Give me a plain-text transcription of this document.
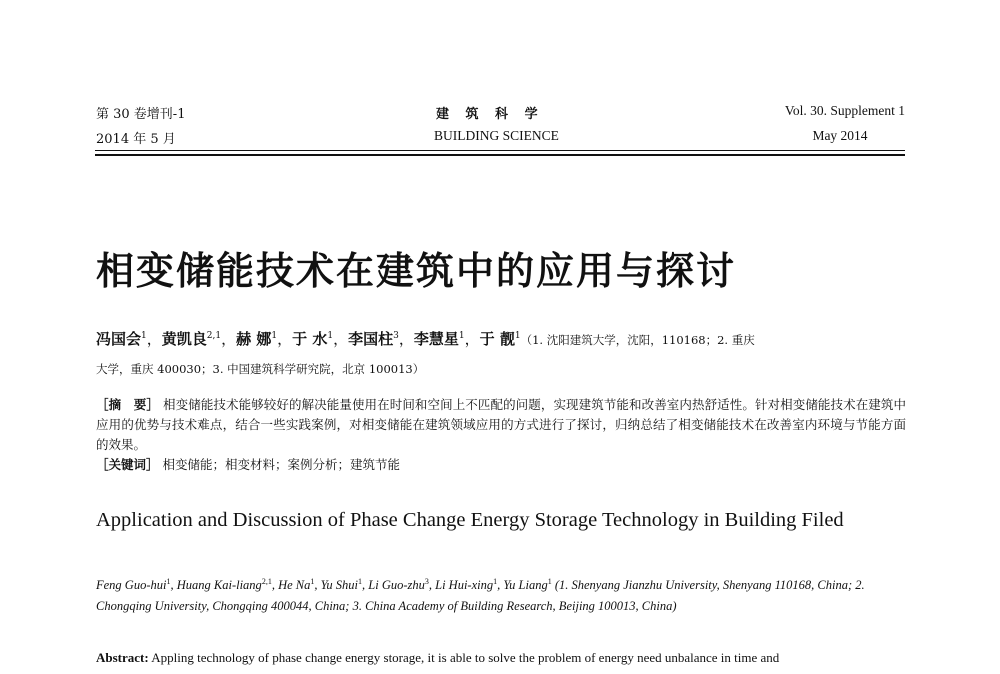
第 30 卷增刊-1
2014 年 5 月
建 筑 科 学
BUILDING SCIENCE
Vol. 30. Supplement 1
May 2014
相变储能技术在建筑中的应用与探讨
冯国会$^1$，黄凯良$^{2,1}$，赫 娜$^1$，于 水$^1$，李国柱$^3$，李慧星$^1$，于 靓$^1$（1. 沈阳建筑大学，沈阳，110168；2. 重庆
大学，重庆 400030；3. 中国建筑科学研究院，北京 100013）
［摘　要］ 相变储能技术能够较好的解决能量使用在时间和空间上不匹配的问题，实现建筑节能和改善室内热舒适性。针对相变储能技术在建筑中应用的优势与技术难点，结合一些实践案例，对相变储能在建筑领域应用的方式进行了探讨，归纳总结了相变储能技术在改善室内环境与节能方面的效果。
［关键词］ 相变储能；相变材料；案例分析；建筑节能
Application and Discussion of Phase Change Energy Storage Technology in Building Filed
Feng Guo-hui$^1$, Huang Kai-liang$^{2,1}$, He Na$^1$, Yu Shui$^1$, Li Guo-zhu$^3$, Li Hui-xing$^1$, Yu Liang$^1$ (1. Shenyang Jianzhu University, Shenyang 110168, China; 2. Chongqing University, Chongqing 400044, China; 3. China Academy of Building Research, Beijing 100013, China)
Abstract: Appling technology of phase change energy storage, it is able to solve the problem of energy need unbalance in time and
